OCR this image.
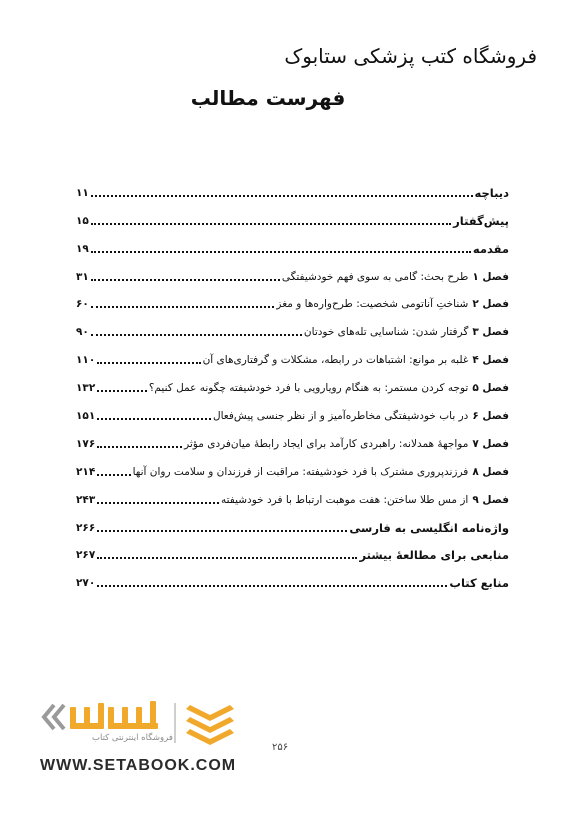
فروشگاه کتب پزشکی ستابوک
فهرست مطالب
دیباچه
۱۱
پیش‌گفتار
۱۵
مقدمه
۱۹
فصل ۱
طرح بحث: گامی به سوی فهم خودشیفتگی
۳۱
فصل ۲
شناختِ آناتومی شخصیت: طرح‌واره‌ها و مغز
۶۰
فصل ۳
گرفتار شدن: شناسایی تله‌های خودتان
۹۰
فصل ۴
غلبه بر موانع: اشتباهات در رابطه، مشکلات و گرفتاری‌های آن
۱۱۰
فصل ۵
توجه کردن مستمر: به هنگام رویارویی با فرد خودشیفته چگونه عمل کنیم؟
۱۳۲
فصل ۶
در باب خودشیفتگی مخاطره‌آمیز و از نظر جنسی پیش‌فعال
۱۵۱
فصل ۷
مواجههٔ همدلانه: راهبردی کارآمد برای ایجاد رابطهٔ میان‌فردی مؤثر
۱۷۶
فصل ۸
فرزندپروری مشترک با فرد خودشیفته: مراقبت از فرزندان و سلامت روان آنها
۲۱۴
فصل ۹
از مس طلا ساختن: هفت موهبت ارتباط با فرد خودشیفته
۲۴۳
واژه‌نامه انگلیسی به فارسی
۲۶۶
منابعی برای مطالعهٔ بیشتر
۲۶۷
منابع کتاب
۲۷۰
فروشگاه اینترنتی کتاب
۲۵۶
WWW.SETABOOK.COM
